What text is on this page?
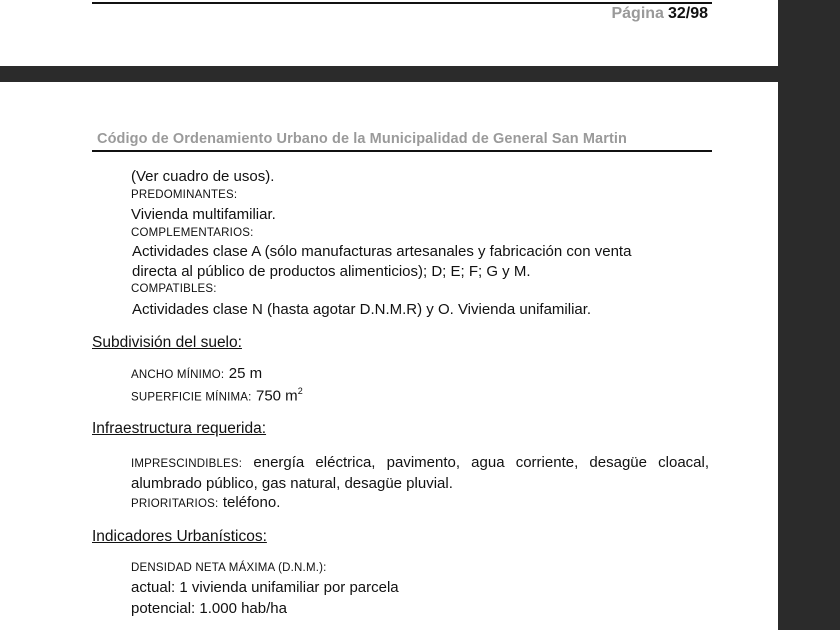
Página 32/98
Código de Ordenamiento Urbano de la Municipalidad de General San Martin
(Ver cuadro de usos).
PREDOMINANTES:
Vivienda multifamiliar.
COMPLEMENTARIOS:
Actividades clase A (sólo manufacturas artesanales y fabricación con venta
directa al público de productos alimenticios); D; E; F; G y M.
COMPATIBLES:
Actividades clase N (hasta agotar D.N.M.R) y O. Vivienda unifamiliar.
Subdivisión del suelo:
ANCHO MÍNIMO: 25 m
SUPERFICIE MÍNIMA: 750 $m^2$
Infraestructura requerida:
IMPRESCINDIBLES: energía eléctrica, pavimento, agua corriente, desagüe cloacal, alumbrado público, gas natural, desagüe pluvial.
PRIORITARIOS: teléfono.
Indicadores Urbanísticos:
DENSIDAD NETA MÁXIMA (D.N.M.):
actual: 1 vivienda unifamiliar por parcela
potencial: 1.000 hab/ha
